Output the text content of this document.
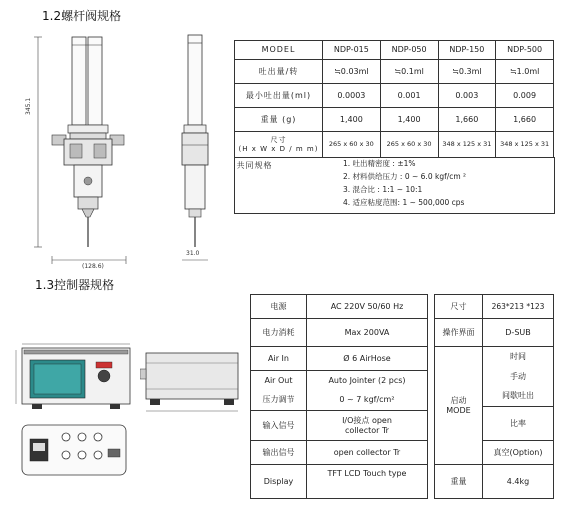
1.2螺杆阀规格
1.3控制器规格
345.1
(128.6)
31.0
MODEL	NDP-015	NDP-050	NDP-150	NDP-500
吐出量/转	≒0.03ml	≒0.1ml	≒0.3ml	≒1.0ml
最小吐出量(ml)	0.0003	0.001	0.003	0.009
重量 (g)	1,400	1,400	1,660	1,660
尺寸
(H x W x D / m m)	265 x 60 x 30	265 x 60 x 30	348 x 125 x 31	348 x 125 x 31
共同规格					1. 吐出精密度 : ±1%
2. 材料供给压力 : 0 ~ 6.0 kgf/cm ²
3. 混合比 : 1:1 ~ 10:1
4. 适应粘度范围: 1 ~ 500,000 cps
电源	AC 220V 50/60 Hz
电力消耗	Max 200VA
Air In	Ø 6 AirHose
Air Out	Auto Jointer (2 pcs)
压力调节	0 ~ 7 kgf/cm²
输入信号	I/O接点 open
collector Tr
输出信号	open collector Tr
Display	TFT LCD Touch type
尺寸	263*213 *123
操作界面	D-SUB
启动
MODE	时间
	手动
	间歇吐出
	比率
	真空(Option)
重量	4.4kg
